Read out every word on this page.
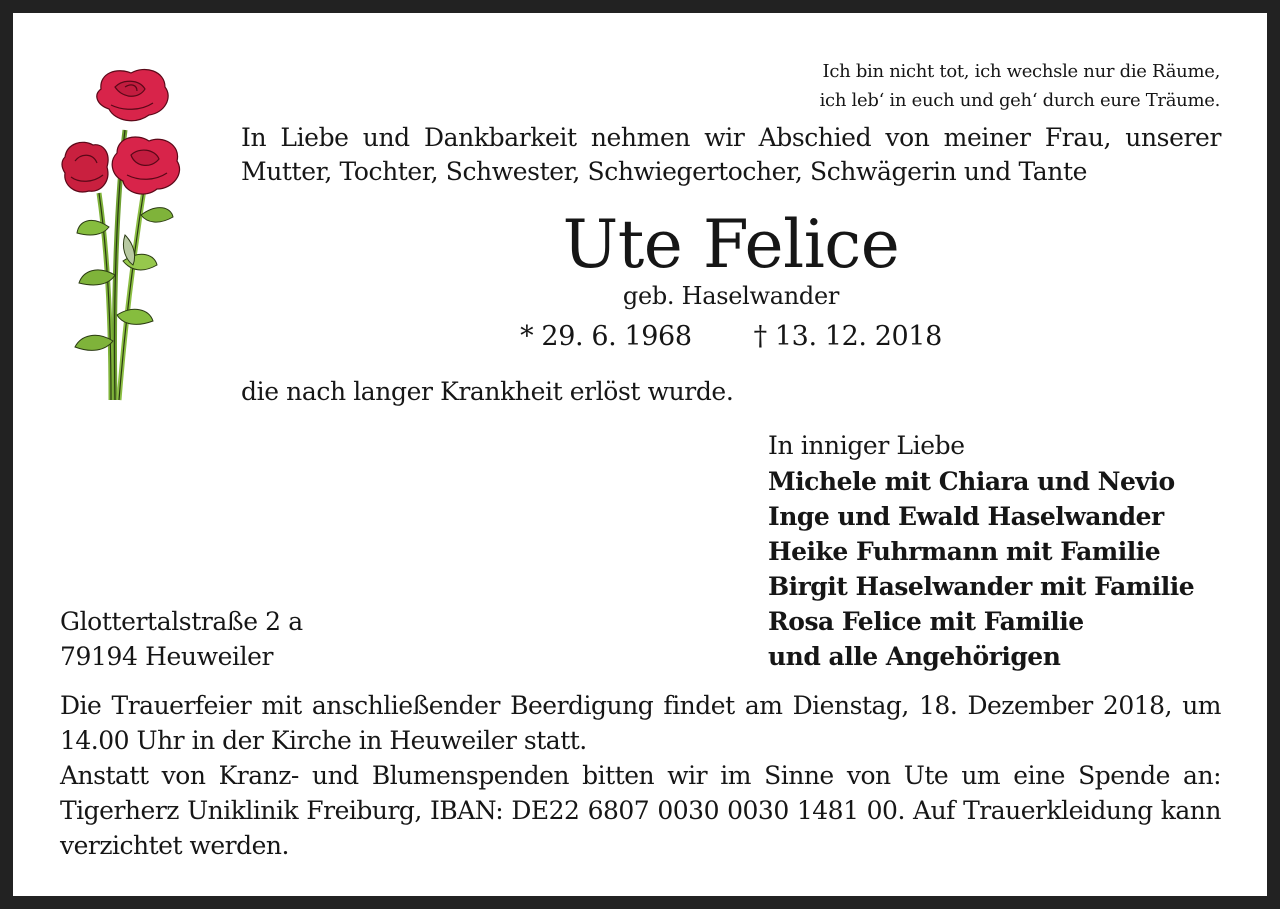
Ich bin nicht tot, ich wechsle nur die Räume,
ich leb‘ in euch und geh‘ durch eure Träume.
In Liebe und Dankbarkeit nehmen wir Abschied von meiner Frau, unserer Mutter, Tochter, Schwester, Schwiegertocher, Schwägerin und Tante
Ute Felice
geb. Haselwander
* 29. 6. 1968 † 13. 12. 2018
die nach langer Krankheit erlöst wurde.
In inniger Liebe
Michele mit Chiara und Nevio
Inge und Ewald Haselwander
Heike Fuhrmann mit Familie
Birgit Haselwander mit Familie
Rosa Felice mit Familie
und alle Angehörigen
Glottertalstraße 2 a
79194 Heuweiler

Die Trauerfeier mit anschließender Beerdigung findet am Dienstag, 18. Dezember 2018, um 14.00 Uhr in der Kirche in Heuweiler statt.

Anstatt von Kranz- und Blumenspenden bitten wir im Sinne von Ute um eine Spende an: Tigerherz Uniklinik Freiburg, IBAN: DE22 6807 0030 0030 1481 00. Auf Trauerkleidung kann verzichtet werden.
